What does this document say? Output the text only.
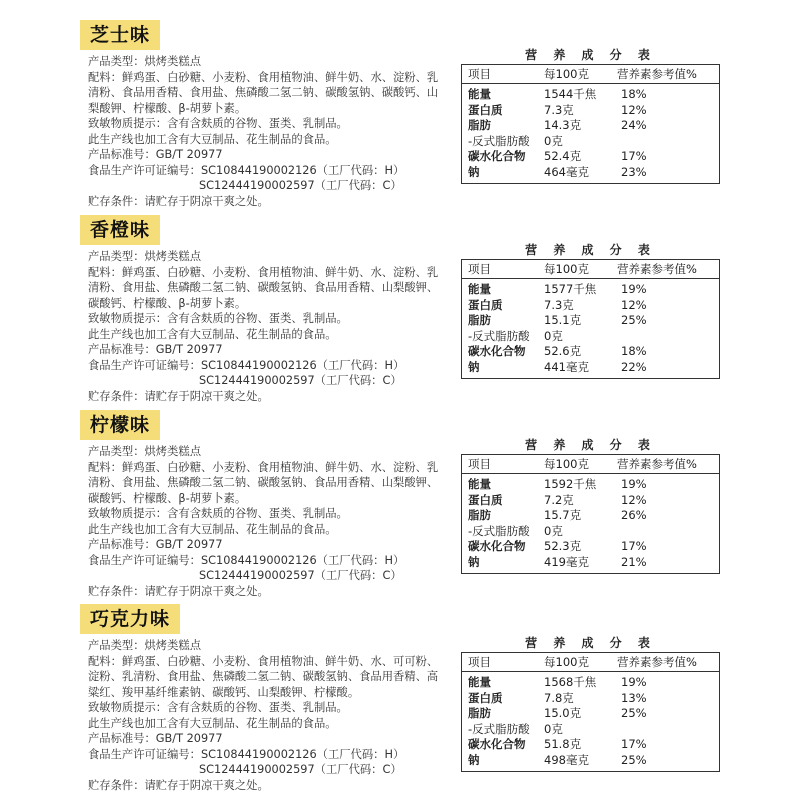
芝士味
产品类型： 烘烤类糕点
配料：鲜鸡蛋、白砂糖、小麦粉、食用植物油、鲜牛奶、水、淀粉、乳清粉、食品用香精、食用盐、焦磷酸二氢二钠、碳酸氢钠、碳酸钙、山梨酸钾、柠檬酸、β-胡萝卜素。
致敏物质提示： 含有含麸质的谷物、蛋类、乳制品。
此生产线也加工含有大豆制品、花生制品的食品。
产品标准号： GB/T 20977
食品生产许可证编号： SC10844190002126（工厂代码：H）
SC12444190002597（工厂代码：C）
贮存条件： 请贮存于阴凉干爽之处。
营 养 成 分 表
项目	每100克	营养素参考值%
能量	1544千焦	18%
蛋白质	7.3克	12%
脂肪	14.3克	24%
-反式脂肪酸	0克
碳水化合物	52.4克	17%
钠	464毫克	23%
香橙味
产品类型： 烘烤类糕点
配料：鲜鸡蛋、白砂糖、小麦粉、食用植物油、鲜牛奶、水、淀粉、乳清粉、食用盐、焦磷酸二氢二钠、碳酸氢钠、食品用香精、山梨酸钾、碳酸钙、柠檬酸、β-胡萝卜素。
致敏物质提示： 含有含麸质的谷物、蛋类、乳制品。
此生产线也加工含有大豆制品、花生制品的食品。
产品标准号： GB/T 20977
食品生产许可证编号： SC10844190002126（工厂代码：H）
SC12444190002597（工厂代码：C）
贮存条件： 请贮存于阴凉干爽之处。
营 养 成 分 表
项目	每100克	营养素参考值%
能量	1577千焦	19%
蛋白质	7.3克	12%
脂肪	15.1克	25%
-反式脂肪酸	0克
碳水化合物	52.6克	18%
钠	441毫克	22%
柠檬味
产品类型： 烘烤类糕点
配料：鲜鸡蛋、白砂糖、小麦粉、食用植物油、鲜牛奶、水、淀粉、乳清粉、食用盐、焦磷酸二氢二钠、碳酸氢钠、食品用香精、山梨酸钾、碳酸钙、柠檬酸、β-胡萝卜素。
致敏物质提示： 含有含麸质的谷物、蛋类、乳制品。
此生产线也加工含有大豆制品、花生制品的食品。
产品标准号： GB/T 20977
食品生产许可证编号： SC10844190002126（工厂代码：H）
SC12444190002597（工厂代码：C）
贮存条件： 请贮存于阴凉干爽之处。
营 养 成 分 表
项目	每100克	营养素参考值%
能量	1592千焦	19%
蛋白质	7.2克	12%
脂肪	15.7克	26%
-反式脂肪酸	0克
碳水化合物	52.3克	17%
钠	419毫克	21%
巧克力味
产品类型： 烘烤类糕点
配料：鲜鸡蛋、白砂糖、小麦粉、食用植物油、鲜牛奶、水、可可粉、淀粉、乳清粉、食用盐、焦磷酸二氢二钠、碳酸氢钠、食品用香精、高粱红、羧甲基纤维素钠、碳酸钙、山梨酸钾、柠檬酸。
致敏物质提示： 含有含麸质的谷物、蛋类、乳制品。
此生产线也加工含有大豆制品、花生制品的食品。
产品标准号： GB/T 20977
食品生产许可证编号： SC10844190002126（工厂代码：H）
SC12444190002597（工厂代码：C）
贮存条件： 请贮存于阴凉干爽之处。
营 养 成 分 表
项目	每100克	营养素参考值%
能量	1568千焦	19%
蛋白质	7.8克	13%
脂肪	15.0克	25%
-反式脂肪酸	0克
碳水化合物	51.8克	17%
钠	498毫克	25%
